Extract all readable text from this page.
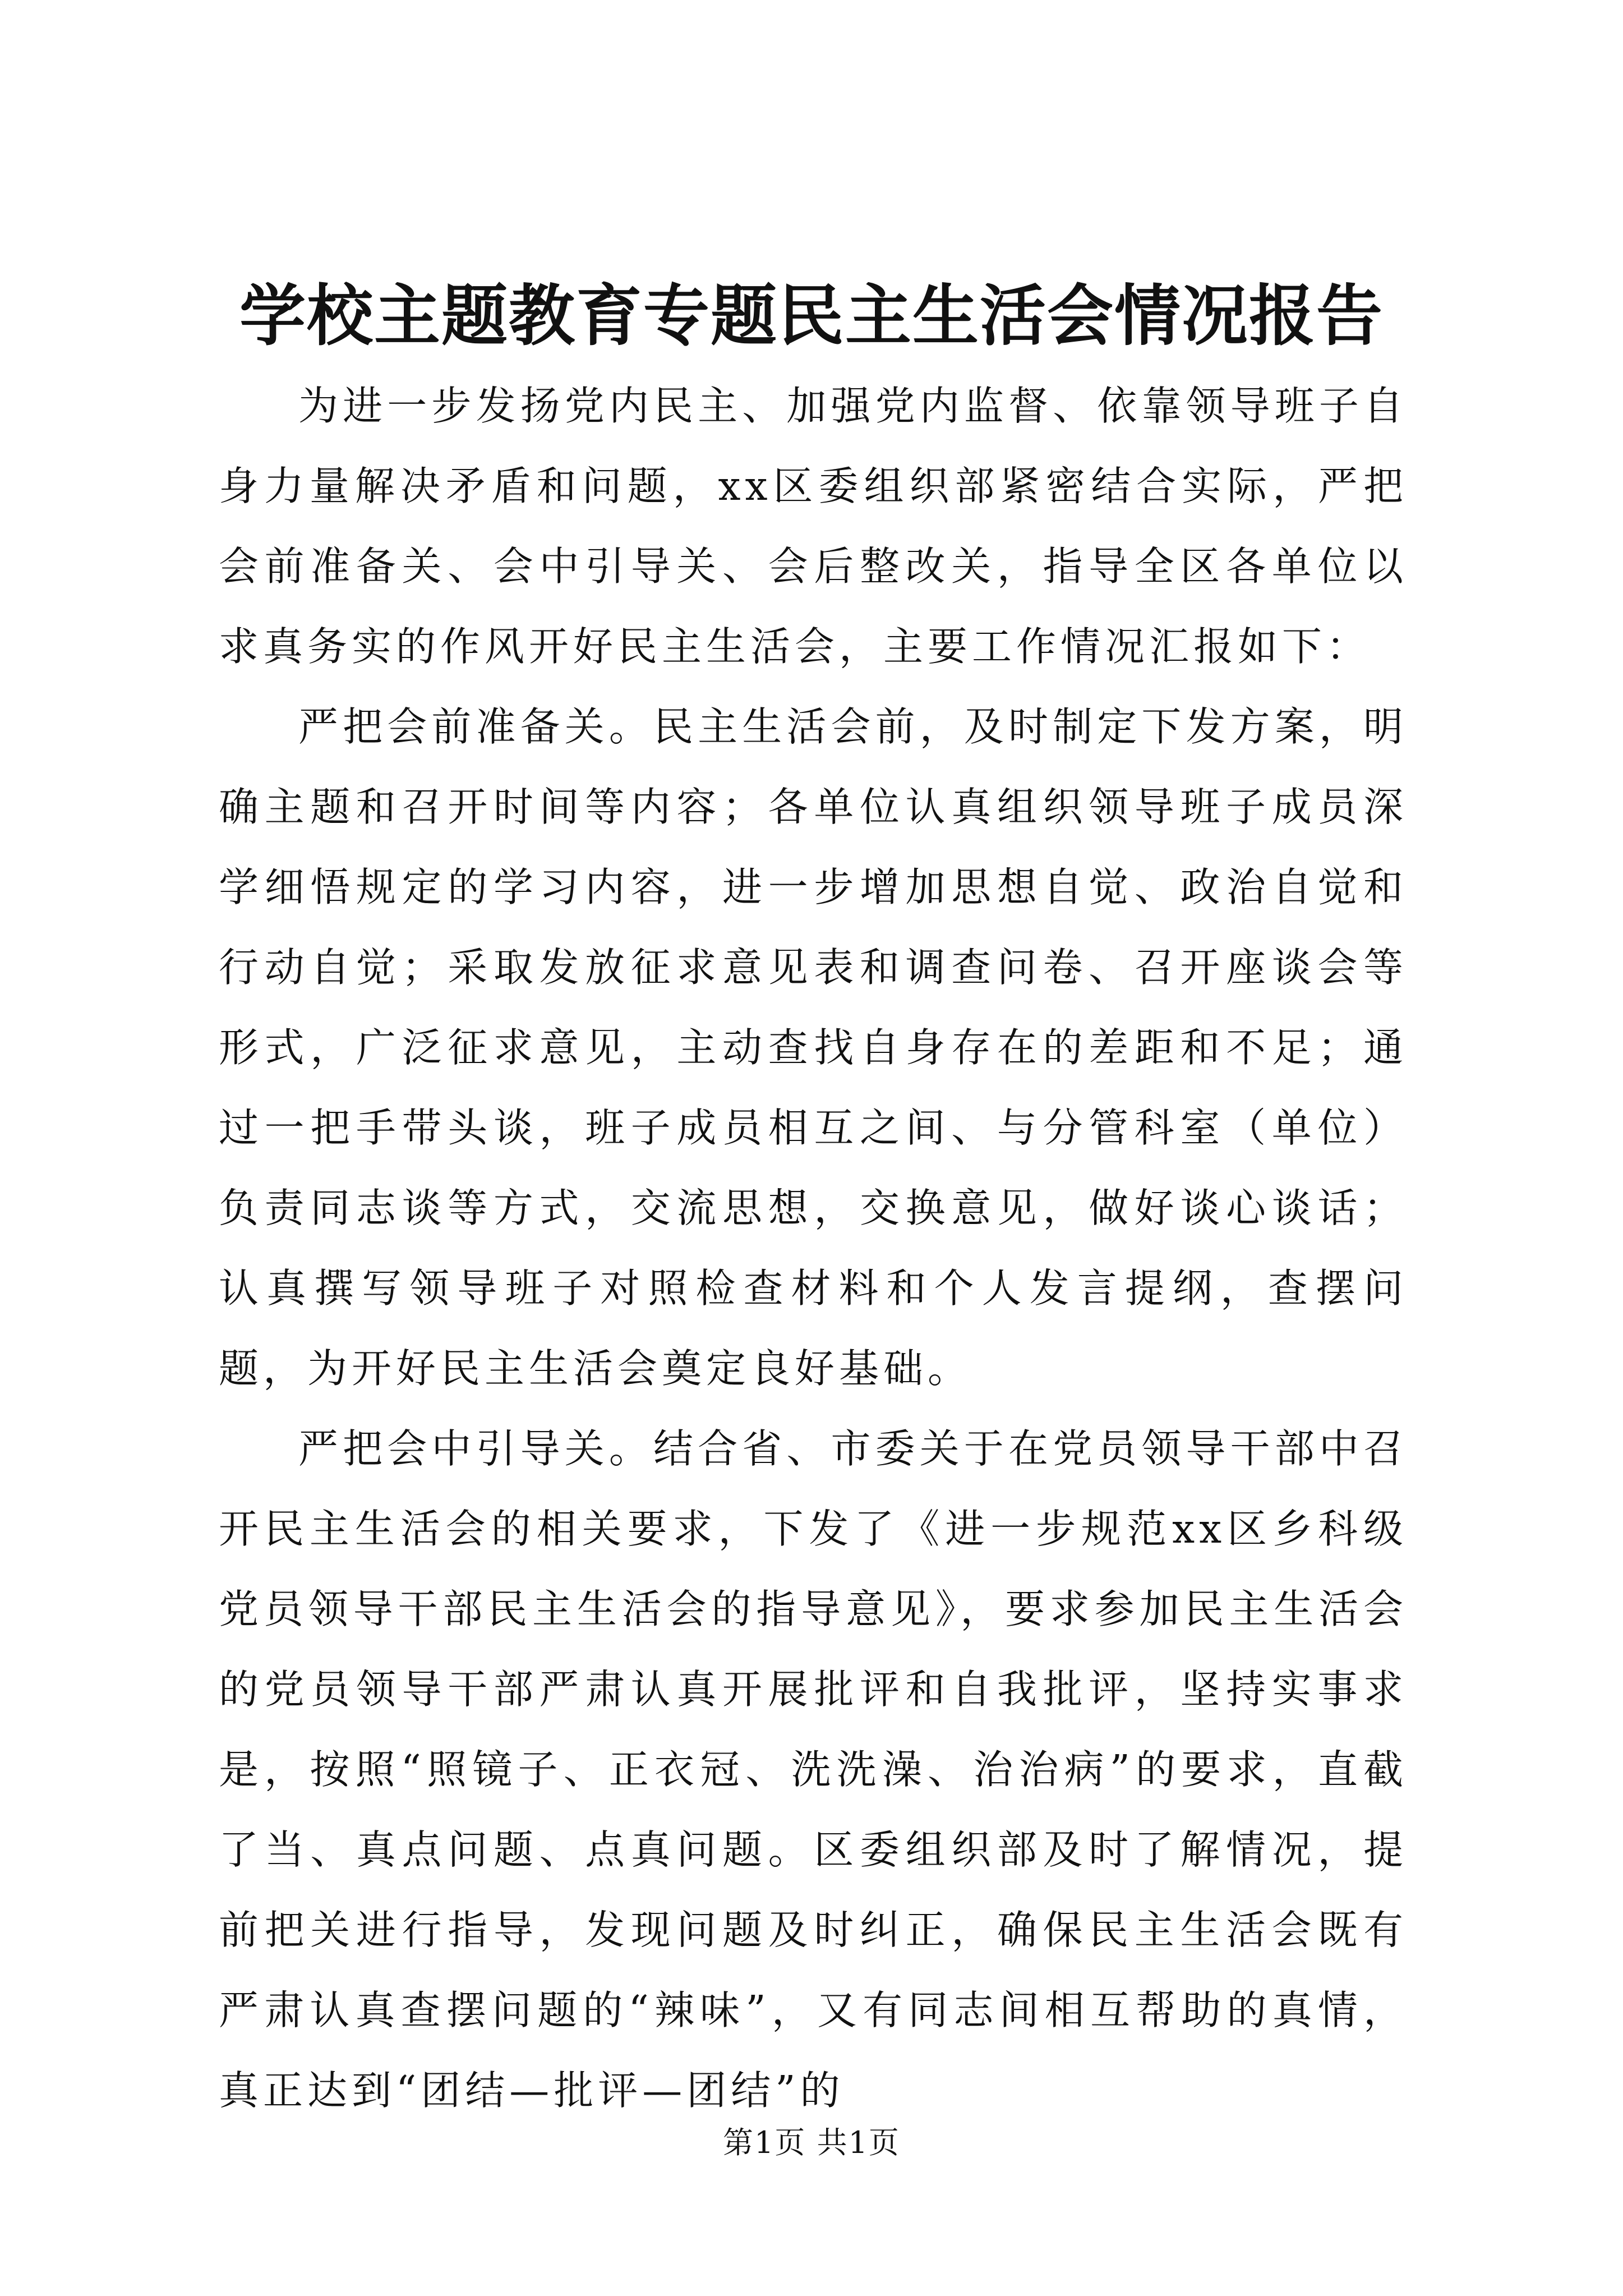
学校主题教育专题民主生活会情况报告

为进一步发扬党内民主、加强党内监督、依靠领导班子自身力量解决矛盾和问题，xx区委组织部紧密结合实际，严把会前准备关、会中引导关、会后整改关，指导全区各单位以求真务实的作风开好民主生活会，主要工作情况汇报如下：

严把会前准备关。民主生活会前，及时制定下发方案，明确主题和召开时间等内容；各单位认真组织领导班子成员深学细悟规定的学习内容，进一步增加思想自觉、政治自觉和行动自觉；采取发放征求意见表和调查问卷、召开座谈会等形式，广泛征求意见，主动查找自身存在的差距和不足；通过一把手带头谈，班子成员相互之间、与分管科室（单位）负责同志谈等方式，交流思想，交换意见，做好谈心谈话；认真撰写领导班子对照检查材料和个人发言提纲，查摆问题，为开好民主生活会奠定良好基础。

严把会中引导关。结合省、市委关于在党员领导干部中召开民主生活会的相关要求，下发了《进一步规范xx区乡科级党员领导干部民主生活会的指导意见》，要求参加民主生活会的党员领导干部严肃认真开展批评和自我批评，坚持实事求是，按照“照镜子、正衣冠、洗洗澡、治治病”的要求，直截了当、真点问题、点真问题。区委组织部及时了解情况，提前把关进行指导，发现问题及时纠正，确保民主生活会既有严肃认真查摆问题的“辣味”，又有同志间相互帮助的真情，真正达到“团结—批评—团结”的

第1页 共1页
